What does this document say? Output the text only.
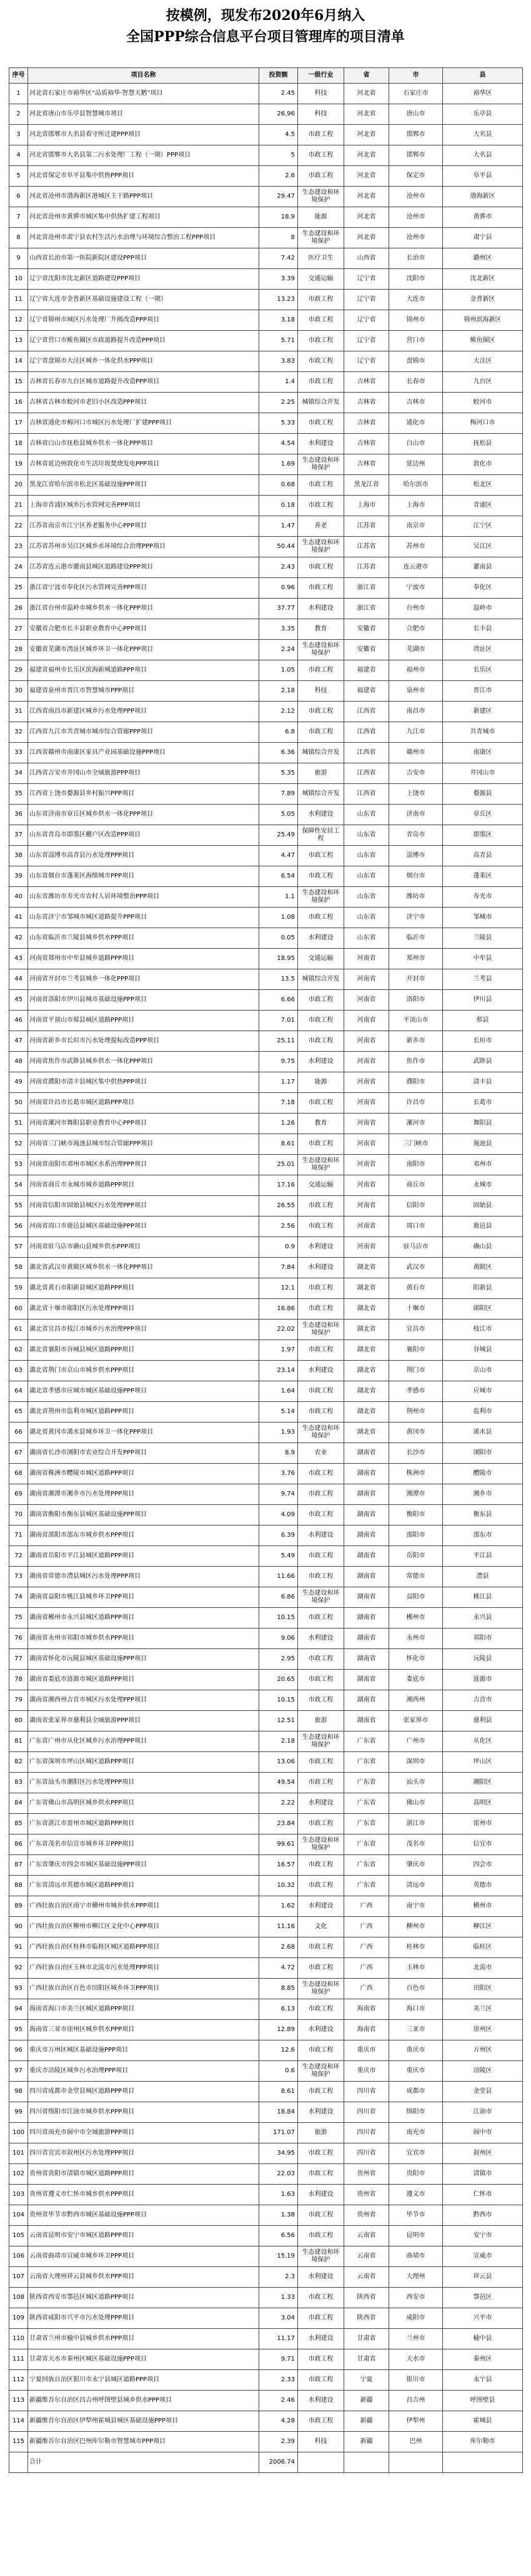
按模例，现发布2020年6月纳入
全国PPP综合信息平台项目管理库的项目清单
序号	项目名称	投资额	一级行业	省	市	县
1	河北省石家庄市裕华区“品质裕华·智慧天鹅”项目	2.45	科技	河北省	石家庄市	裕华区
2	河北省唐山市乐亭县智慧城市项目	26.96	科技	河北省	唐山市	乐亭县
3	河北省邯郸市大名县看守所迁建PPP项目	4.5	市政工程	河北省	邯郸市	大名县
4	河北省邯郸市大名县第二污水处理厂工程（一期）PPP项目	5	市政工程	河北省	邯郸市	大名县
5	河北省保定市阜平县集中供热PPP项目	2.6	市政工程	河北省	保定市	阜平县
6	河北省沧州市渤海新区港城区主干路PPP项目	29.47	生态建设和环境保护	河北省	沧州市	渤海新区
7	河北省沧州市黄骅市城区集中供热扩建工程项目	18.9	能源	河北省	沧州市	黄骅市
8	河北省沧州市肃宁县农村生活污水治理与环境综合整治工程PPP项目	8	生态建设和环境保护	河北省	沧州市	肃宁县
9	山西省长治市第一医院新院区建设PPP项目	7.42	医疗卫生	山西省	长治市	潞州区
10	辽宁省沈阳市沈北新区道路建设PPP项目	3.39	交通运输	辽宁省	沈阳市	沈北新区
11	辽宁省大连市金普新区基础设施建设工程（一期）	13.23	市政工程	辽宁省	大连市	金普新区
12	辽宁省锦州市城区污水处理厂升级改造PPP项目	3.18	市政工程	辽宁省	锦州市	锦州滨海新区
13	辽宁省营口市鲅鱼圈区市政道路提升改造PPP项目	5.71	市政工程	辽宁省	营口市	鲅鱼圈区
14	辽宁省盘锦市大洼区城乡一体化供水PPP项目	3.83	市政工程	辽宁省	盘锦市	大洼区
15	吉林省长春市九台区城市道路提升改造PPP项目	1.4	市政工程	吉林省	长春市	九台区
16	吉林省吉林市蛟河市老旧小区改造PPP项目	2.25	城镇综合开发	吉林省	吉林市	蛟河市
17	吉林省通化市梅河口市城区污水处理厂扩建PPP项目	5.33	市政工程	吉林省	通化市	梅河口市
18	吉林省白山市抚松县城乡供水一体化PPP项目	4.54	水利建设	吉林省	白山市	抚松县
19	吉林省延边州敦化市生活垃圾焚烧发电PPP项目	1.69	生态建设和环境保护	吉林省	延边州	敦化市
20	黑龙江省哈尔滨市松北区基础设施PPP项目	0.68	市政工程	黑龙江省	哈尔滨市	松北区
21	上海市青浦区城乡污水管网完善PPP项目	0.18	市政工程	上海市	上海市	青浦区
22	江苏省南京市江宁区养老服务中心PPP项目	1.47	养老	江苏省	南京市	江宁区
23	江苏省苏州市吴江区城乡水环境综合治理PPP项目	50.44	生态建设和环境保护	江苏省	苏州市	吴江区
24	江苏省连云港市灌南县城区道路建设PPP项目	2.43	市政工程	江苏省	连云港市	灌南县
25	浙江省宁波市奉化区污水管网完善PPP项目	0.96	市政工程	浙江省	宁波市	奉化区
26	浙江省台州市温岭市城乡供水一体化PPP项目	37.77	水利建设	浙江省	台州市	温岭市
27	安徽省合肥市长丰县职业教育中心PPP项目	3.35	教育	安徽省	合肥市	长丰县
28	安徽省芜湖市湾沚区城乡环卫一体化PPP项目	2.24	生态建设和环境保护	安徽省	芜湖市	湾沚区
29	福建省福州市长乐区滨海新城道路PPP项目	1.05	市政工程	福建省	福州市	长乐区
30	福建省泉州市晋江市智慧城市PPP项目	2.18	科技	福建省	泉州市	晋江市
31	江西省南昌市新建区城乡污水处理PPP项目	2.12	市政工程	江西省	南昌市	新建区
32	江西省九江市共青城市城市综合管廊PPP项目	6.8	市政工程	江西省	九江市	共青城市
33	江西省赣州市南康区家具产业园基础设施PPP项目	6.36	城镇综合开发	江西省	赣州市	南康区
34	江西省吉安市井冈山市全域旅游PPP项目	5.35	旅游	江西省	吉安市	井冈山市
35	江西省上饶市婺源县乡村振兴PPP项目	7.89	城镇综合开发	江西省	上饶市	婺源县
36	山东省济南市章丘区城乡供水一体化PPP项目	5.05	水利建设	山东省	济南市	章丘区
37	山东省青岛市即墨区棚户区改造PPP项目	25.49	保障性安居工程	山东省	青岛市	即墨区
38	山东省淄博市高青县污水处理PPP项目	4.47	市政工程	山东省	淄博市	高青县
39	山东省烟台市蓬莱区海绵城市PPP项目	6.54	市政工程	山东省	烟台市	蓬莱区
40	山东省潍坊市寿光市农村人居环境整治PPP项目	1.1	生态建设和环境保护	山东省	潍坊市	寿光市
41	山东省济宁市邹城市城区道路提升PPP项目	1.08	市政工程	山东省	济宁市	邹城市
42	山东省临沂市兰陵县城乡供水PPP项目	0.05	水利建设	山东省	临沂市	兰陵县
43	河南省郑州市中牟县城乡道路PPP项目	18.95	交通运输	河南省	郑州市	中牟县
44	河南省开封市兰考县城乡一体化PPP项目	13.5	城镇综合开发	河南省	开封市	兰考县
45	河南省洛阳市伊川县城市基础设施PPP项目	6.66	市政工程	河南省	洛阳市	伊川县
46	河南省平顶山市郏县城区道路PPP项目	7.01	市政工程	河南省	平顶山市	郏县
47	河南省新乡市长垣市污水处理提标改造PPP项目	25.11	市政工程	河南省	新乡市	长垣市
48	河南省焦作市武陟县城乡供水一体化PPP项目	9.75	水利建设	河南省	焦作市	武陟县
49	河南省濮阳市清丰县城区集中供热PPP项目	1.17	能源	河南省	濮阳市	清丰县
50	河南省许昌市长葛市城区道路PPP项目	7.18	市政工程	河南省	许昌市	长葛市
51	河南省漯河市舞阳县职业教育中心PPP项目	1.26	教育	河南省	漯河市	舞阳县
52	河南省三门峡市渑池县城市综合管廊PPP项目	8.61	市政工程	河南省	三门峡市	渑池县
53	河南省南阳市邓州市城区水系治理PPP项目	25.01	生态建设和环境保护	河南省	南阳市	邓州市
54	河南省商丘市永城市城乡道路PPP项目	17.16	交通运输	河南省	商丘市	永城市
55	河南省信阳市固始县城区污水处理PPP项目	26.55	市政工程	河南省	信阳市	固始县
56	河南省周口市鹿邑县城区基础设施PPP项目	2.56	市政工程	河南省	周口市	鹿邑县
57	河南省驻马店市确山县城乡供水PPP项目	0.9	水利建设	河南省	驻马店市	确山县
58	湖北省武汉市黄陂区城乡供水一体化PPP项目	7.84	水利建设	湖北省	武汉市	黄陂区
59	湖北省黄石市阳新县城区道路PPP项目	12.1	市政工程	湖北省	黄石市	阳新县
60	湖北省十堰市郧阳区污水处理PPP项目	16.86	市政工程	湖北省	十堰市	郧阳区
61	湖北省宜昌市枝江市城乡污水治理PPP项目	22.02	生态建设和环境保护	湖北省	宜昌市	枝江市
62	湖北省襄阳市谷城县城区道路PPP项目	1.97	市政工程	湖北省	襄阳市	谷城县
63	湖北省荆门市京山市城乡供水PPP项目	23.14	水利建设	湖北省	荆门市	京山市
64	湖北省孝感市应城市城区基础设施PPP项目	1.64	市政工程	湖北省	孝感市	应城市
65	湖北省荆州市监利市城区道路PPP项目	5.14	市政工程	湖北省	荆州市	监利市
66	湖北省黄冈市浠水县城乡环卫一体化PPP项目	1.93	生态建设和环境保护	湖北省	黄冈市	浠水县
67	湖南省长沙市浏阳市农业综合开发PPP项目	8.9	农业	湖南省	长沙市	浏阳市
68	湖南省株洲市醴陵市城区道路PPP项目	3.76	市政工程	湖南省	株洲市	醴陵市
69	湖南省湘潭市湘乡市污水处理PPP项目	9.74	市政工程	湖南省	湘潭市	湘乡市
70	湖南省衡阳市衡东县城区基础设施PPP项目	4.09	市政工程	湖南省	衡阳市	衡东县
71	湖南省邵阳市邵东市城乡供水PPP项目	6.39	水利建设	湖南省	邵阳市	邵东市
72	湖南省岳阳市平江县城区道路PPP项目	5.49	市政工程	湖南省	岳阳市	平江县
73	湖南省常德市澧县城区污水处理PPP项目	11.66	市政工程	湖南省	常德市	澧县
74	湖南省益阳市桃江县城乡环卫PPP项目	6.86	生态建设和环境保护	湖南省	益阳市	桃江县
75	湖南省郴州市永兴县城区道路PPP项目	10.15	市政工程	湖南省	郴州市	永兴县
76	湖南省永州市祁阳市城乡供水PPP项目	9.06	水利建设	湖南省	永州市	祁阳市
77	湖南省怀化市沅陵县城区基础设施PPP项目	2.95	市政工程	湖南省	怀化市	沅陵县
78	湖南省娄底市涟源市城区道路PPP项目	20.65	市政工程	湖南省	娄底市	涟源市
79	湖南省湘西州吉首市城区污水处理PPP项目	10.15	市政工程	湖南省	湘西州	吉首市
80	湖南省张家界市慈利县全域旅游PPP项目	12.51	旅游	湖南省	张家界市	慈利县
81	广东省广州市从化区城乡污水治理PPP项目	2.18	生态建设和环境保护	广东省	广州市	从化区
82	广东省深圳市坪山区城区道路PPP项目	13.06	市政工程	广东省	深圳市	坪山区
83	广东省汕头市潮阳区污水处理PPP项目	49.54	市政工程	广东省	汕头市	潮阳区
84	广东省佛山市高明区城乡供水PPP项目	2.22	水利建设	广东省	佛山市	高明区
85	广东省湛江市雷州市城区道路PPP项目	23.84	市政工程	广东省	湛江市	雷州市
86	广东省茂名市信宜市城乡环卫PPP项目	99.61	生态建设和环境保护	广东省	茂名市	信宜市
87	广东省肇庆市四会市城区基础设施PPP项目	16.57	市政工程	广东省	肇庆市	四会市
88	广东省清远市英德市城区道路PPP项目	10.32	市政工程	广东省	清远市	英德市
89	广西壮族自治区南宁市横州市城乡供水PPP项目	1.62	水利建设	广西	南宁市	横州市
90	广西壮族自治区柳州市柳江区文化中心PPP项目	11.16	文化	广西	柳州市	柳江区
91	广西壮族自治区桂林市临桂区城区道路PPP项目	2.68	市政工程	广西	桂林市	临桂区
92	广西壮族自治区玉林市北流市污水处理PPP项目	4.72	市政工程	广西	玉林市	北流市
93	广西壮族自治区百色市田阳区城乡环卫PPP项目	8.85	生态建设和环境保护	广西	百色市	田阳区
94	海南省海口市美兰区城区道路PPP项目	6.13	市政工程	海南省	海口市	美兰区
95	海南省三亚市崖州区城乡供水PPP项目	12.89	水利建设	海南省	三亚市	崖州区
96	重庆市万州区城区基础设施PPP项目	12.6	市政工程	重庆市	重庆市	万州区
97	重庆市涪陵区城乡污水治理PPP项目	0.6	生态建设和环境保护	重庆市	重庆市	涪陵区
98	四川省成都市金堂县城区道路PPP项目	8.61	市政工程	四川省	成都市	金堂县
99	四川省绵阳市江油市城乡供水PPP项目	18.84	水利建设	四川省	绵阳市	江油市
100	四川省南充市阆中市全域旅游PPP项目	171.07	旅游	四川省	南充市	阆中市
101	四川省宜宾市叙州区污水处理PPP项目	34.95	市政工程	四川省	宜宾市	叙州区
102	贵州省贵阳市清镇市城区道路PPP项目	22.03	市政工程	贵州省	贵阳市	清镇市
103	贵州省遵义市仁怀市城乡供水PPP项目	1.63	水利建设	贵州省	遵义市	仁怀市
104	贵州省毕节市黔西市城区基础设施PPP项目	1.38	市政工程	贵州省	毕节市	黔西市
105	云南省昆明市安宁市城区道路PPP项目	6.56	市政工程	云南省	昆明市	安宁市
106	云南省曲靖市宣威市城乡环卫PPP项目	15.19	生态建设和环境保护	云南省	曲靖市	宣威市
107	云南省大理州祥云县城乡供水PPP项目	2.3	水利建设	云南省	大理州	祥云县
108	陕西省西安市鄠邑区城区道路PPP项目	1.33	市政工程	陕西省	西安市	鄠邑区
109	陕西省咸阳市兴平市污水处理PPP项目	3.04	市政工程	陕西省	咸阳市	兴平市
110	甘肃省兰州市榆中县城乡供水PPP项目	11.17	水利建设	甘肃省	兰州市	榆中县
111	甘肃省天水市秦州区城区基础设施PPP项目	9.71	市政工程	甘肃省	天水市	秦州区
112	宁夏回族自治区银川市永宁县城区道路PPP项目	2.33	市政工程	宁夏	银川市	永宁县
113	新疆维吾尔自治区昌吉州呼图壁县城乡供水PPP项目	2.46	水利建设	新疆	昌吉州	呼图壁县
114	新疆维吾尔自治区伊犁州霍城县城区基础设施PPP项目	4.28	市政工程	新疆	伊犁州	霍城县
115	新疆维吾尔自治区巴州库尔勒市智慧城市PPP项目	2.39	科技	新疆	巴州	库尔勒市
	合计	2006.74				
